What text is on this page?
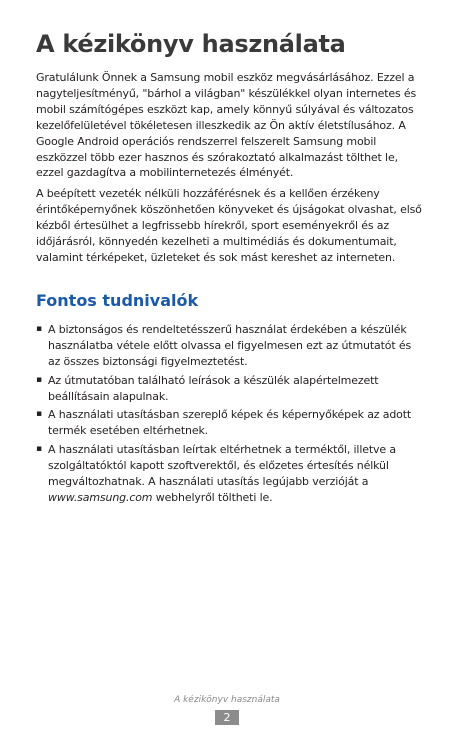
A kézikönyv használata

Gratulálunk Önnek a Samsung mobil eszköz megvásárlásához. Ezzel a nagyteljesítményű, "bárhol a világban" készülékkel olyan internetes és mobil számítógépes eszközt kap, amely könnyű súlyával és változatos kezelőfelületével tökéletesen illeszkedik az Ön aktív életstílusához. A Google Android operációs rendszerrel felszerelt Samsung mobil eszközzel több ezer hasznos és szórakoztató alkalmazást tölthet le, ezzel gazdagítva a mobilinternetezés élményét.

A beépített vezeték nélküli hozzáférésnek és a kellően érzékeny érintőképernyőnek köszönhetően könyveket és újságokat olvashat, első kézből értesülhet a legfrissebb hírekről, sport eseményekről és az időjárásról, könnyedén kezelheti a multimédiás és dokumentumait, valamint térképeket, üzleteket és sok mást kereshet az interneten.

Fontos tudnivalók
▪ A biztonságos és rendeltetésszerű használat érdekében a készülék használatba vétele előtt olvassa el figyelmesen ezt az útmutatót és az összes biztonsági figyelmeztetést.
▪ Az útmutatóban található leírások a készülék alapértelmezett beállításain alapulnak.
▪ A használati utasításban szereplő képek és képernyőképek az adott termék esetében eltérhetnek.
▪ A használati utasításban leírtak eltérhetnek a terméktől, illetve a szolgáltatóktól kapott szoftverektől, és előzetes értesítés nélkül megváltozhatnak. A használati utasítás legújabb verzióját a www.samsung.com webhelyről töltheti le.
A kézikönyv használata
2
